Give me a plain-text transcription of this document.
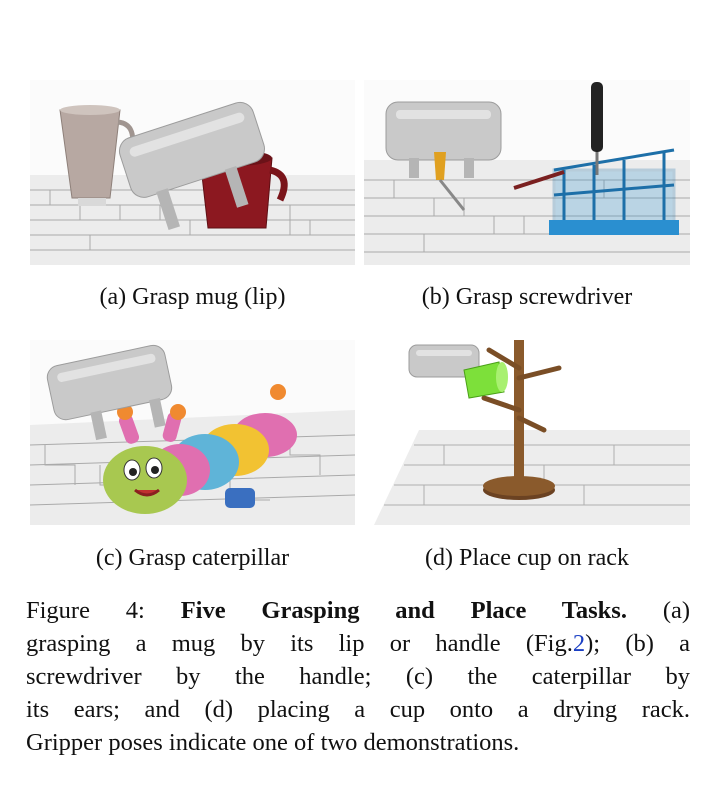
(a) Grasp mug (lip)	(b) Grasp screwdriver
(c) Grasp caterpillar	(d) Place cup on rack
Figure 4: Five Grasping and Place Tasks. (a)
grasping a mug by its lip or handle (Fig.2); (b) a
screwdriver by the handle; (c) the caterpillar by
its ears; and (d) placing a cup onto a drying rack.
Gripper poses indicate one of two demonstrations.
